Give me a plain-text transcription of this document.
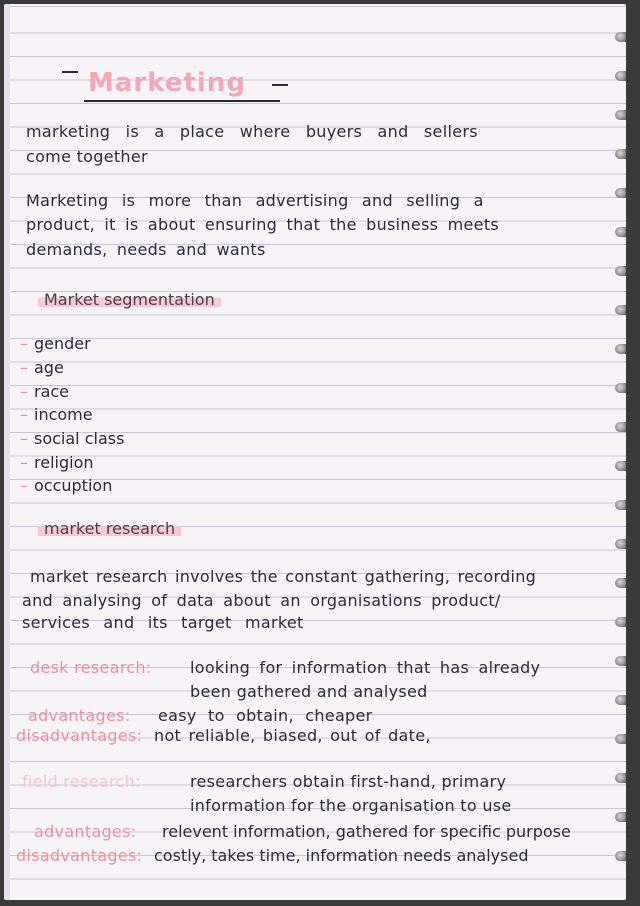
Marketing
marketing is a place where buyers and sellers
come together
Marketing is more than advertising and selling a
product, it is about ensuring that the business meets
demands, needs and wants
Market segmentation
– gender
– age
– race
– income
– social class
– religion
– occuption
market research
market research involves the constant gathering, recording
and analysing of data about an organisations product/
services and its target market
desk research: looking for information that has already
been gathered and analysed
advantages: easy to obtain, cheaper
disadvantages: not reliable, biased, out of date,
field research:	researchers obtain first-hand, primary
information for the organisation to use
advantages: relevent information, gathered for specific purpose
disadvantages: costly, takes time, information needs analysed
